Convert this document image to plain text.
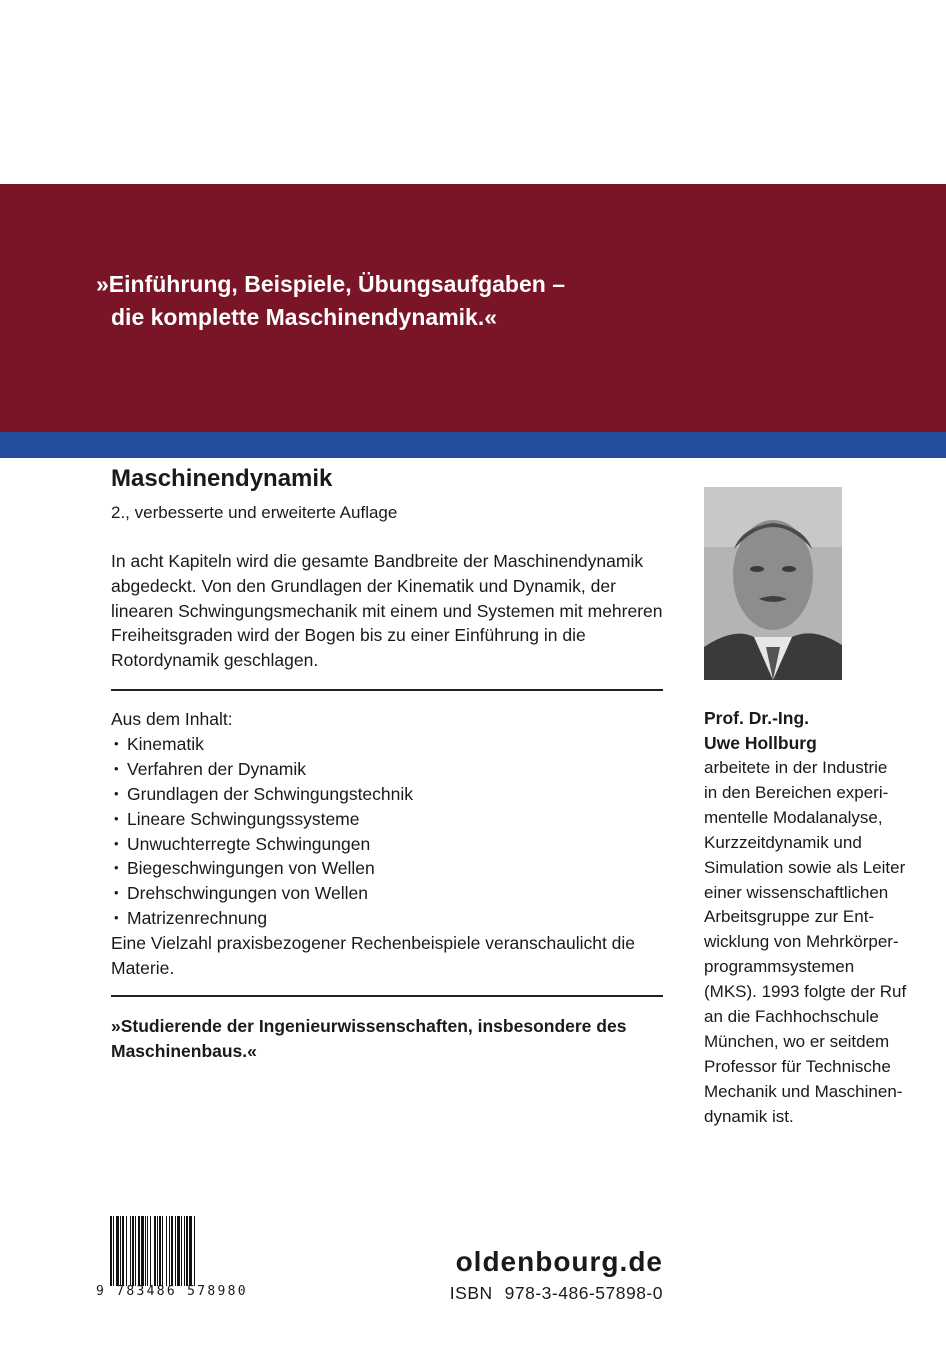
»Einführung, Beispiele, Übungsaufgaben –
die komplette Maschinendynamik.«
Maschinendynamik
2., verbesserte und erweiterte Auflage
In acht Kapiteln wird die gesamte Bandbreite der Maschinendynamik abgedeckt. Von den Grundlagen der Kinematik und Dynamik, der linearen Schwingungsmechanik mit einem und Systemen mit mehreren Freiheitsgraden wird der Bogen bis zu einer Einführung in die Rotordynamik geschlagen.
Aus dem Inhalt:
• Kinematik
• Verfahren der Dynamik
• Grundlagen der Schwingungstechnik
• Lineare Schwingungssysteme
• Unwuchterregte Schwingungen
• Biegeschwingungen von Wellen
• Drehschwingungen von Wellen
• Matrizenrechnung
Eine Vielzahl praxisbezogener Rechenbeispiele veranschaulicht die Materie.
»Studierende der Ingenieurwissenschaften, insbesondere des Maschinenbaus.«
Prof. Dr.-Ing.
Uwe Hollburg
arbeitete in der Industrie
in den Bereichen experi-
mentelle Modalanalyse,
Kurzzeitdynamik und
Simulation sowie als Leiter
einer wissenschaftlichen
Arbeitsgruppe zur Ent-
wicklung von Mehrkörper-
programmsystemen
(MKS). 1993 folgte der Ruf
an die Fachhochschule
München, wo er seitdem
Professor für Technische
Mechanik und Maschinen-
dynamik ist.
9 783486 578980
oldenbourg.de
ISBN 978-3-486-57898-0
